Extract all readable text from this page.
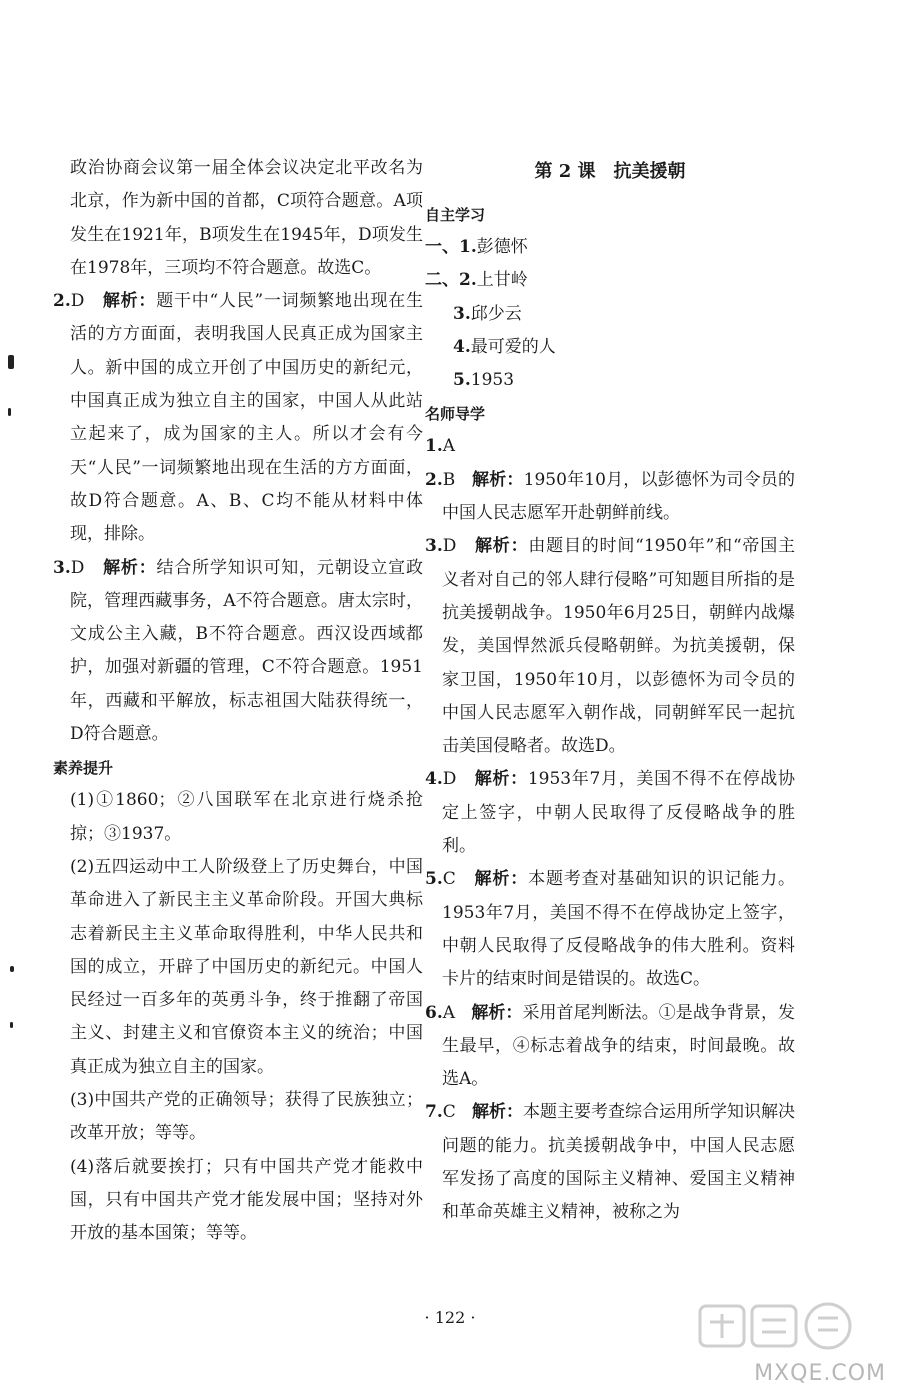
政治协商会议第一届全体会议决定北平改名为北京，作为新中国的首都，C项符合题意。A项发生在1921年，B项发生在1945年，D项发生在1978年，三项均不符合题意。故选C。

2.D 解析：题干中“人民”一词频繁地出现在生活的方方面面，表明我国人民真正成为国家主人。新中国的成立开创了中国历史的新纪元，中国真正成为独立自主的国家，中国人从此站立起来了，成为国家的主人。所以才会有今天“人民”一词频繁地出现在生活的方方面面，故D符合题意。A、B、C均不能从材料中体现，排除。

3.D 解析：结合所学知识可知，元朝设立宣政院，管理西藏事务，A不符合题意。唐太宗时，文成公主入藏，B不符合题意。西汉设西域都护，加强对新疆的管理，C不符合题意。1951年，西藏和平解放，标志祖国大陆获得统一，D符合题意。

素养提升

(1)①1860；②八国联军在北京进行烧杀抢掠；③1937。

(2)五四运动中工人阶级登上了历史舞台，中国革命进入了新民主主义革命阶段。开国大典标志着新民主主义革命取得胜利，中华人民共和国的成立，开辟了中国历史的新纪元。中国人民经过一百多年的英勇斗争，终于推翻了帝国主义、封建主义和官僚资本主义的统治；中国真正成为独立自主的国家。

(3)中国共产党的正确领导；获得了民族独立；改革开放；等等。

(4)落后就要挨打；只有中国共产党才能救中国，只有中国共产党才能发展中国；坚持对外开放的基本国策；等等。

第 2 课　抗美援朝

自主学习

一、1.彭德怀

二、2.上甘岭

3.邱少云

4.最可爱的人

5.1953

名师导学

1.A

2.B 解析：1950年10月，以彭德怀为司令员的中国人民志愿军开赴朝鲜前线。

3.D 解析：由题目的时间“1950年”和“帝国主义者对自己的邻人肆行侵略”可知题目所指的是抗美援朝战争。1950年6月25日，朝鲜内战爆发，美国悍然派兵侵略朝鲜。为抗美援朝，保家卫国，1950年10月，以彭德怀为司令员的中国人民志愿军入朝作战，同朝鲜军民一起抗击美国侵略者。故选D。

4.D 解析：1953年7月，美国不得不在停战协定上签字，中朝人民取得了反侵略战争的胜利。

5.C 解析：本题考查对基础知识的识记能力。1953年7月，美国不得不在停战协定上签字，中朝人民取得了反侵略战争的伟大胜利。资料卡片的结束时间是错误的。故选C。

6.A 解析：采用首尾判断法。①是战争背景，发生最早，④标志着战争的结束，时间最晚。故选A。

7.C 解析：本题主要考查综合运用所学知识解决问题的能力。抗美援朝战争中，中国人民志愿军发扬了高度的国际主义精神、爱国主义精神和革命英雄主义精神，被称之为

· 122 ·
MXQE.COM
